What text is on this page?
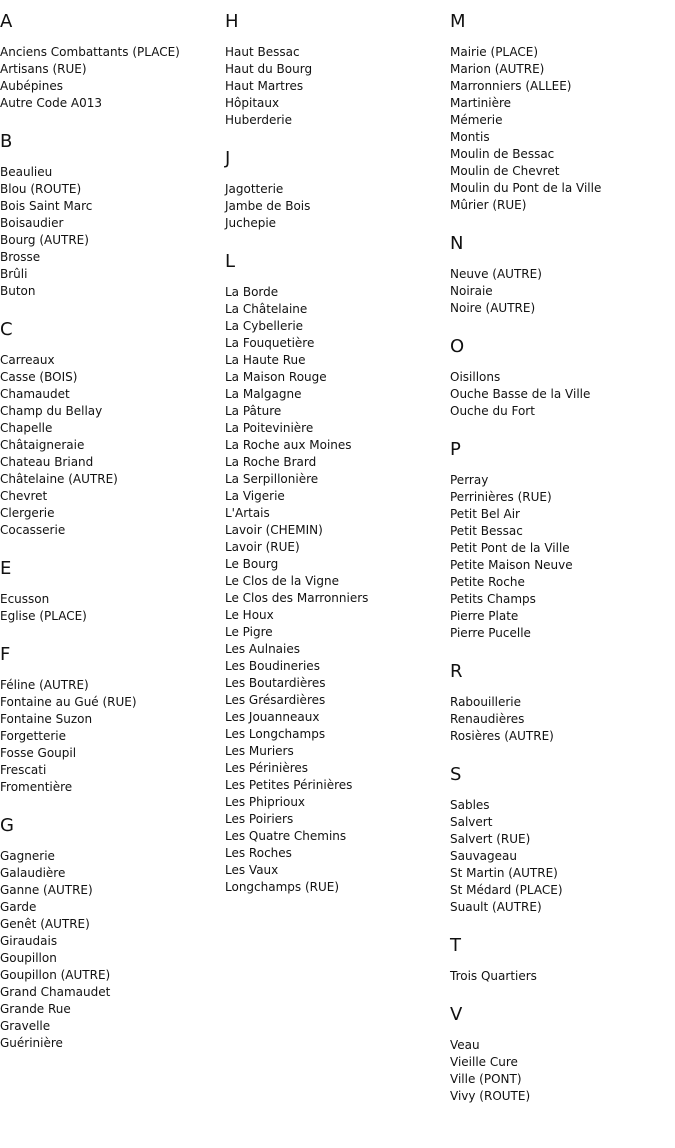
A
Anciens Combattants (PLACE)
Artisans (RUE)
Aubépines
Autre Code A013
B
Beaulieu
Blou (ROUTE)
Bois Saint Marc
Boisaudier
Bourg (AUTRE)
Brosse
Brûli
Buton
C
Carreaux
Casse (BOIS)
Chamaudet
Champ du Bellay
Chapelle
Châtaigneraie
Chateau Briand
Châtelaine (AUTRE)
Chevret
Clergerie
Cocasserie
E
Ecusson
Eglise (PLACE)
F
Féline (AUTRE)
Fontaine au Gué (RUE)
Fontaine Suzon
Forgetterie
Fosse Goupil
Frescati
Fromentière
G
Gagnerie
Galaudière
Ganne (AUTRE)
Garde
Genêt (AUTRE)
Giraudais
Goupillon
Goupillon (AUTRE)
Grand Chamaudet
Grande Rue
Gravelle
Guérinière
H
Haut Bessac
Haut du Bourg
Haut Martres
Hôpitaux
Huberderie
J
Jagotterie
Jambe de Bois
Juchepie
L
La Borde
La Châtelaine
La Cybellerie
La Fouquetière
La Haute Rue
La Maison Rouge
La Malgagne
La Pâture
La Poitevinière
La Roche aux Moines
La Roche Brard
La Serpillonière
La Vigerie
L'Artais
Lavoir (CHEMIN)
Lavoir (RUE)
Le Bourg
Le Clos de la Vigne
Le Clos des Marronniers
Le Houx
Le Pigre
Les Aulnaies
Les Boudineries
Les Boutardières
Les Grésardières
Les Jouanneaux
Les Longchamps
Les Muriers
Les Périnières
Les Petites Périnières
Les Phiprioux
Les Poiriers
Les Quatre Chemins
Les Roches
Les Vaux
Longchamps (RUE)
M
Mairie (PLACE)
Marion (AUTRE)
Marronniers (ALLEE)
Martinière
Mémerie
Montis
Moulin de Bessac
Moulin de Chevret
Moulin du Pont de la Ville
Mûrier (RUE)
N
Neuve (AUTRE)
Noiraie
Noire (AUTRE)
O
Oisillons
Ouche Basse de la Ville
Ouche du Fort
P
Perray
Perrinières (RUE)
Petit Bel Air
Petit Bessac
Petit Pont de la Ville
Petite Maison Neuve
Petite Roche
Petits Champs
Pierre Plate
Pierre Pucelle
R
Rabouillerie
Renaudières
Rosières (AUTRE)
S
Sables
Salvert
Salvert (RUE)
Sauvageau
St Martin (AUTRE)
St Médard (PLACE)
Suault (AUTRE)
T
Trois Quartiers
V
Veau
Vieille Cure
Ville (PONT)
Vivy (ROUTE)
